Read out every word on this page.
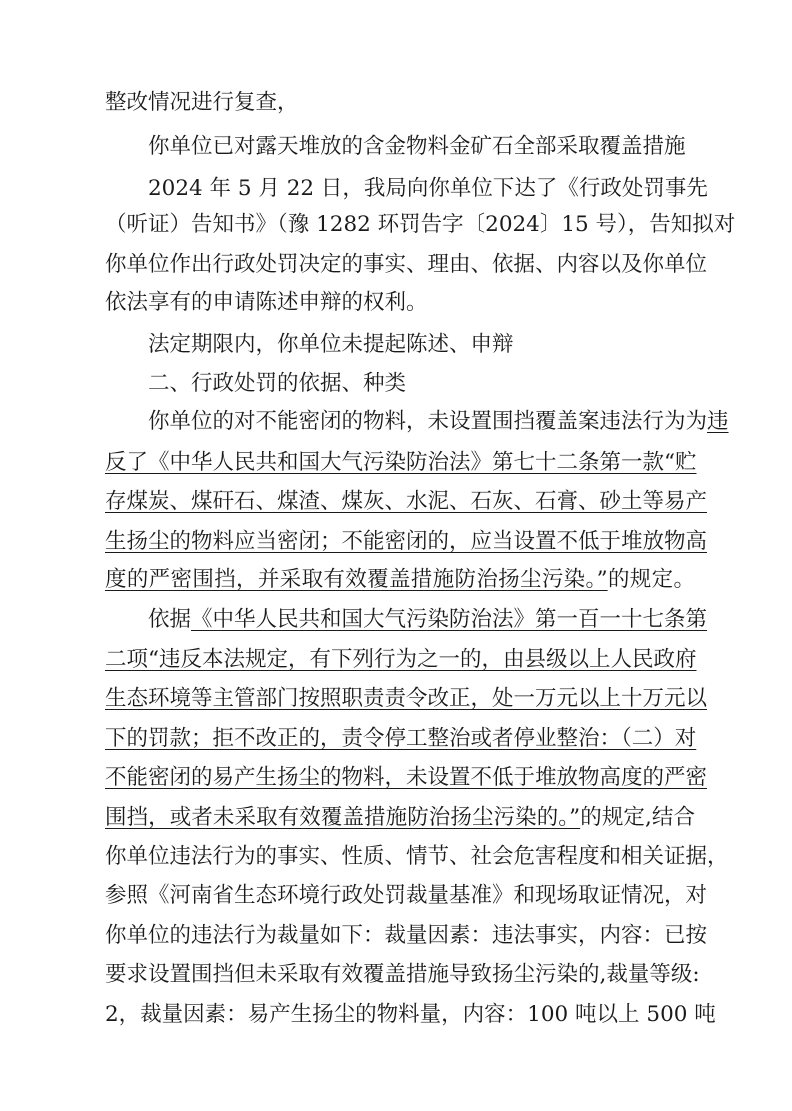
整改情况进行复查，
你单位已对露天堆放的含金物料金矿石全部采取覆盖措施
2024 年 5 月 22 日，我局向你单位下达了《行政处罚事先
（听证）告知书》（豫 1282 环罚告字〔2024〕15 号），告知拟对
你单位作出行政处罚决定的事实、理由、依据、内容以及你单位
依法享有的申请陈述申辩的权利。
法定期限内，你单位未提起陈述、申辩
二、行政处罚的依据、种类
你单位的对不能密闭的物料，未设置围挡覆盖案违法行为为违
反了《中华人民共和国大气污染防治法》第七十二条第一款“贮
存煤炭、煤矸石、煤渣、煤灰、水泥、石灰、石膏、砂土等易产
生扬尘的物料应当密闭；不能密闭的，应当设置不低于堆放物高
度的严密围挡，并采取有效覆盖措施防治扬尘污染。”的规定。
依据《中华人民共和国大气污染防治法》第一百一十七条第
二项“违反本法规定，有下列行为之一的，由县级以上人民政府
生态环境等主管部门按照职责责令改正，处一万元以上十万元以
下的罚款；拒不改正的，责令停工整治或者停业整治：（二）对
不能密闭的易产生扬尘的物料，未设置不低于堆放物高度的严密
围挡，或者未采取有效覆盖措施防治扬尘污染的。”的规定,结合
你单位违法行为的事实、性质、情节、社会危害程度和相关证据，
参照《河南省生态环境行政处罚裁量基准》和现场取证情况，对
你单位的违法行为裁量如下：裁量因素：违法事实，内容：已按
要求设置围挡但未采取有效覆盖措施导致扬尘污染的,裁量等级:
2，裁量因素：易产生扬尘的物料量，内容：100 吨以上 500 吨
